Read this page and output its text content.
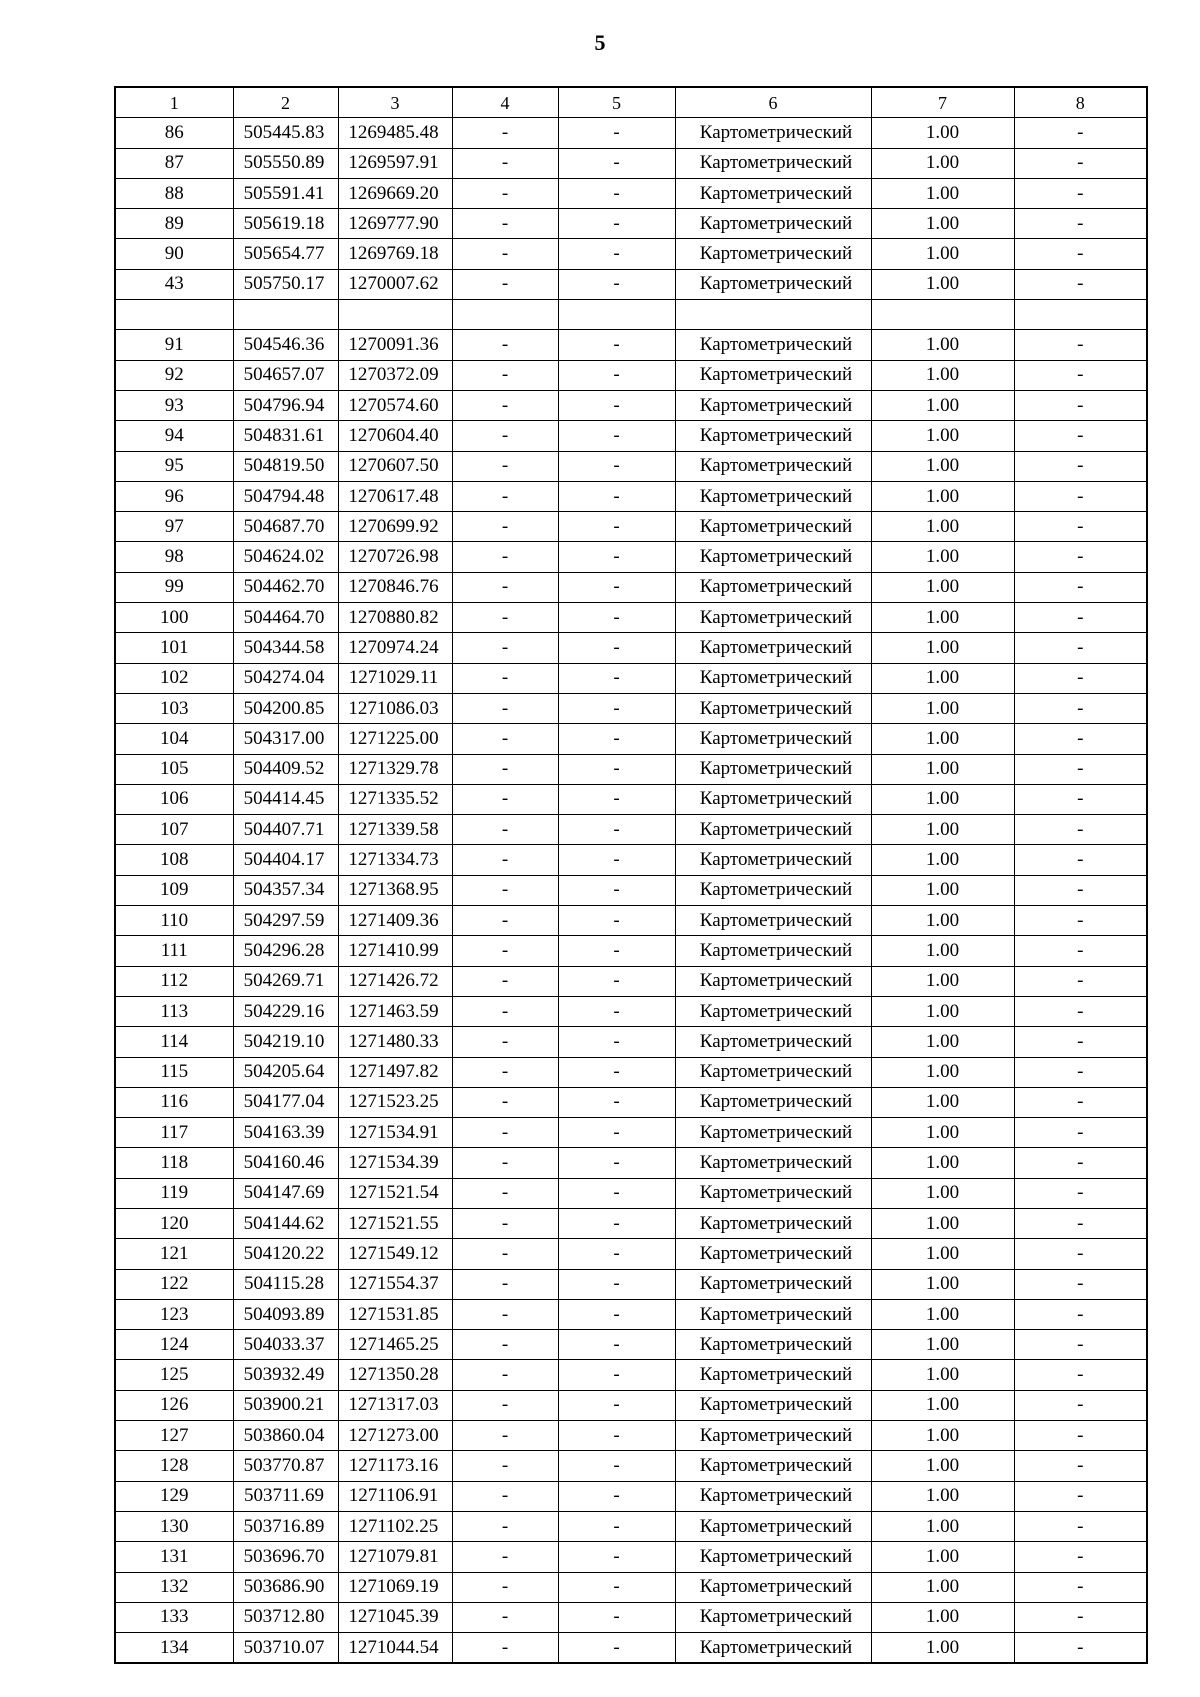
5
1	2	3	4	5	6	7	8
86	505445.83	1269485.48	-	-	Картометрический	1.00	-
87	505550.89	1269597.91	-	-	Картометрический	1.00	-
88	505591.41	1269669.20	-	-	Картометрический	1.00	-
89	505619.18	1269777.90	-	-	Картометрический	1.00	-
90	505654.77	1269769.18	-	-	Картометрический	1.00	-
43	505750.17	1270007.62	-	-	Картометрический	1.00	-

91	504546.36	1270091.36	-	-	Картометрический	1.00	-
92	504657.07	1270372.09	-	-	Картометрический	1.00	-
93	504796.94	1270574.60	-	-	Картометрический	1.00	-
94	504831.61	1270604.40	-	-	Картометрический	1.00	-
95	504819.50	1270607.50	-	-	Картометрический	1.00	-
96	504794.48	1270617.48	-	-	Картометрический	1.00	-
97	504687.70	1270699.92	-	-	Картометрический	1.00	-
98	504624.02	1270726.98	-	-	Картометрический	1.00	-
99	504462.70	1270846.76	-	-	Картометрический	1.00	-
100	504464.70	1270880.82	-	-	Картометрический	1.00	-
101	504344.58	1270974.24	-	-	Картометрический	1.00	-
102	504274.04	1271029.11	-	-	Картометрический	1.00	-
103	504200.85	1271086.03	-	-	Картометрический	1.00	-
104	504317.00	1271225.00	-	-	Картометрический	1.00	-
105	504409.52	1271329.78	-	-	Картометрический	1.00	-
106	504414.45	1271335.52	-	-	Картометрический	1.00	-
107	504407.71	1271339.58	-	-	Картометрический	1.00	-
108	504404.17	1271334.73	-	-	Картометрический	1.00	-
109	504357.34	1271368.95	-	-	Картометрический	1.00	-
110	504297.59	1271409.36	-	-	Картометрический	1.00	-
111	504296.28	1271410.99	-	-	Картометрический	1.00	-
112	504269.71	1271426.72	-	-	Картометрический	1.00	-
113	504229.16	1271463.59	-	-	Картометрический	1.00	-
114	504219.10	1271480.33	-	-	Картометрический	1.00	-
115	504205.64	1271497.82	-	-	Картометрический	1.00	-
116	504177.04	1271523.25	-	-	Картометрический	1.00	-
117	504163.39	1271534.91	-	-	Картометрический	1.00	-
118	504160.46	1271534.39	-	-	Картометрический	1.00	-
119	504147.69	1271521.54	-	-	Картометрический	1.00	-
120	504144.62	1271521.55	-	-	Картометрический	1.00	-
121	504120.22	1271549.12	-	-	Картометрический	1.00	-
122	504115.28	1271554.37	-	-	Картометрический	1.00	-
123	504093.89	1271531.85	-	-	Картометрический	1.00	-
124	504033.37	1271465.25	-	-	Картометрический	1.00	-
125	503932.49	1271350.28	-	-	Картометрический	1.00	-
126	503900.21	1271317.03	-	-	Картометрический	1.00	-
127	503860.04	1271273.00	-	-	Картометрический	1.00	-
128	503770.87	1271173.16	-	-	Картометрический	1.00	-
129	503711.69	1271106.91	-	-	Картометрический	1.00	-
130	503716.89	1271102.25	-	-	Картометрический	1.00	-
131	503696.70	1271079.81	-	-	Картометрический	1.00	-
132	503686.90	1271069.19	-	-	Картометрический	1.00	-
133	503712.80	1271045.39	-	-	Картометрический	1.00	-
134	503710.07	1271044.54	-	-	Картометрический	1.00	-
